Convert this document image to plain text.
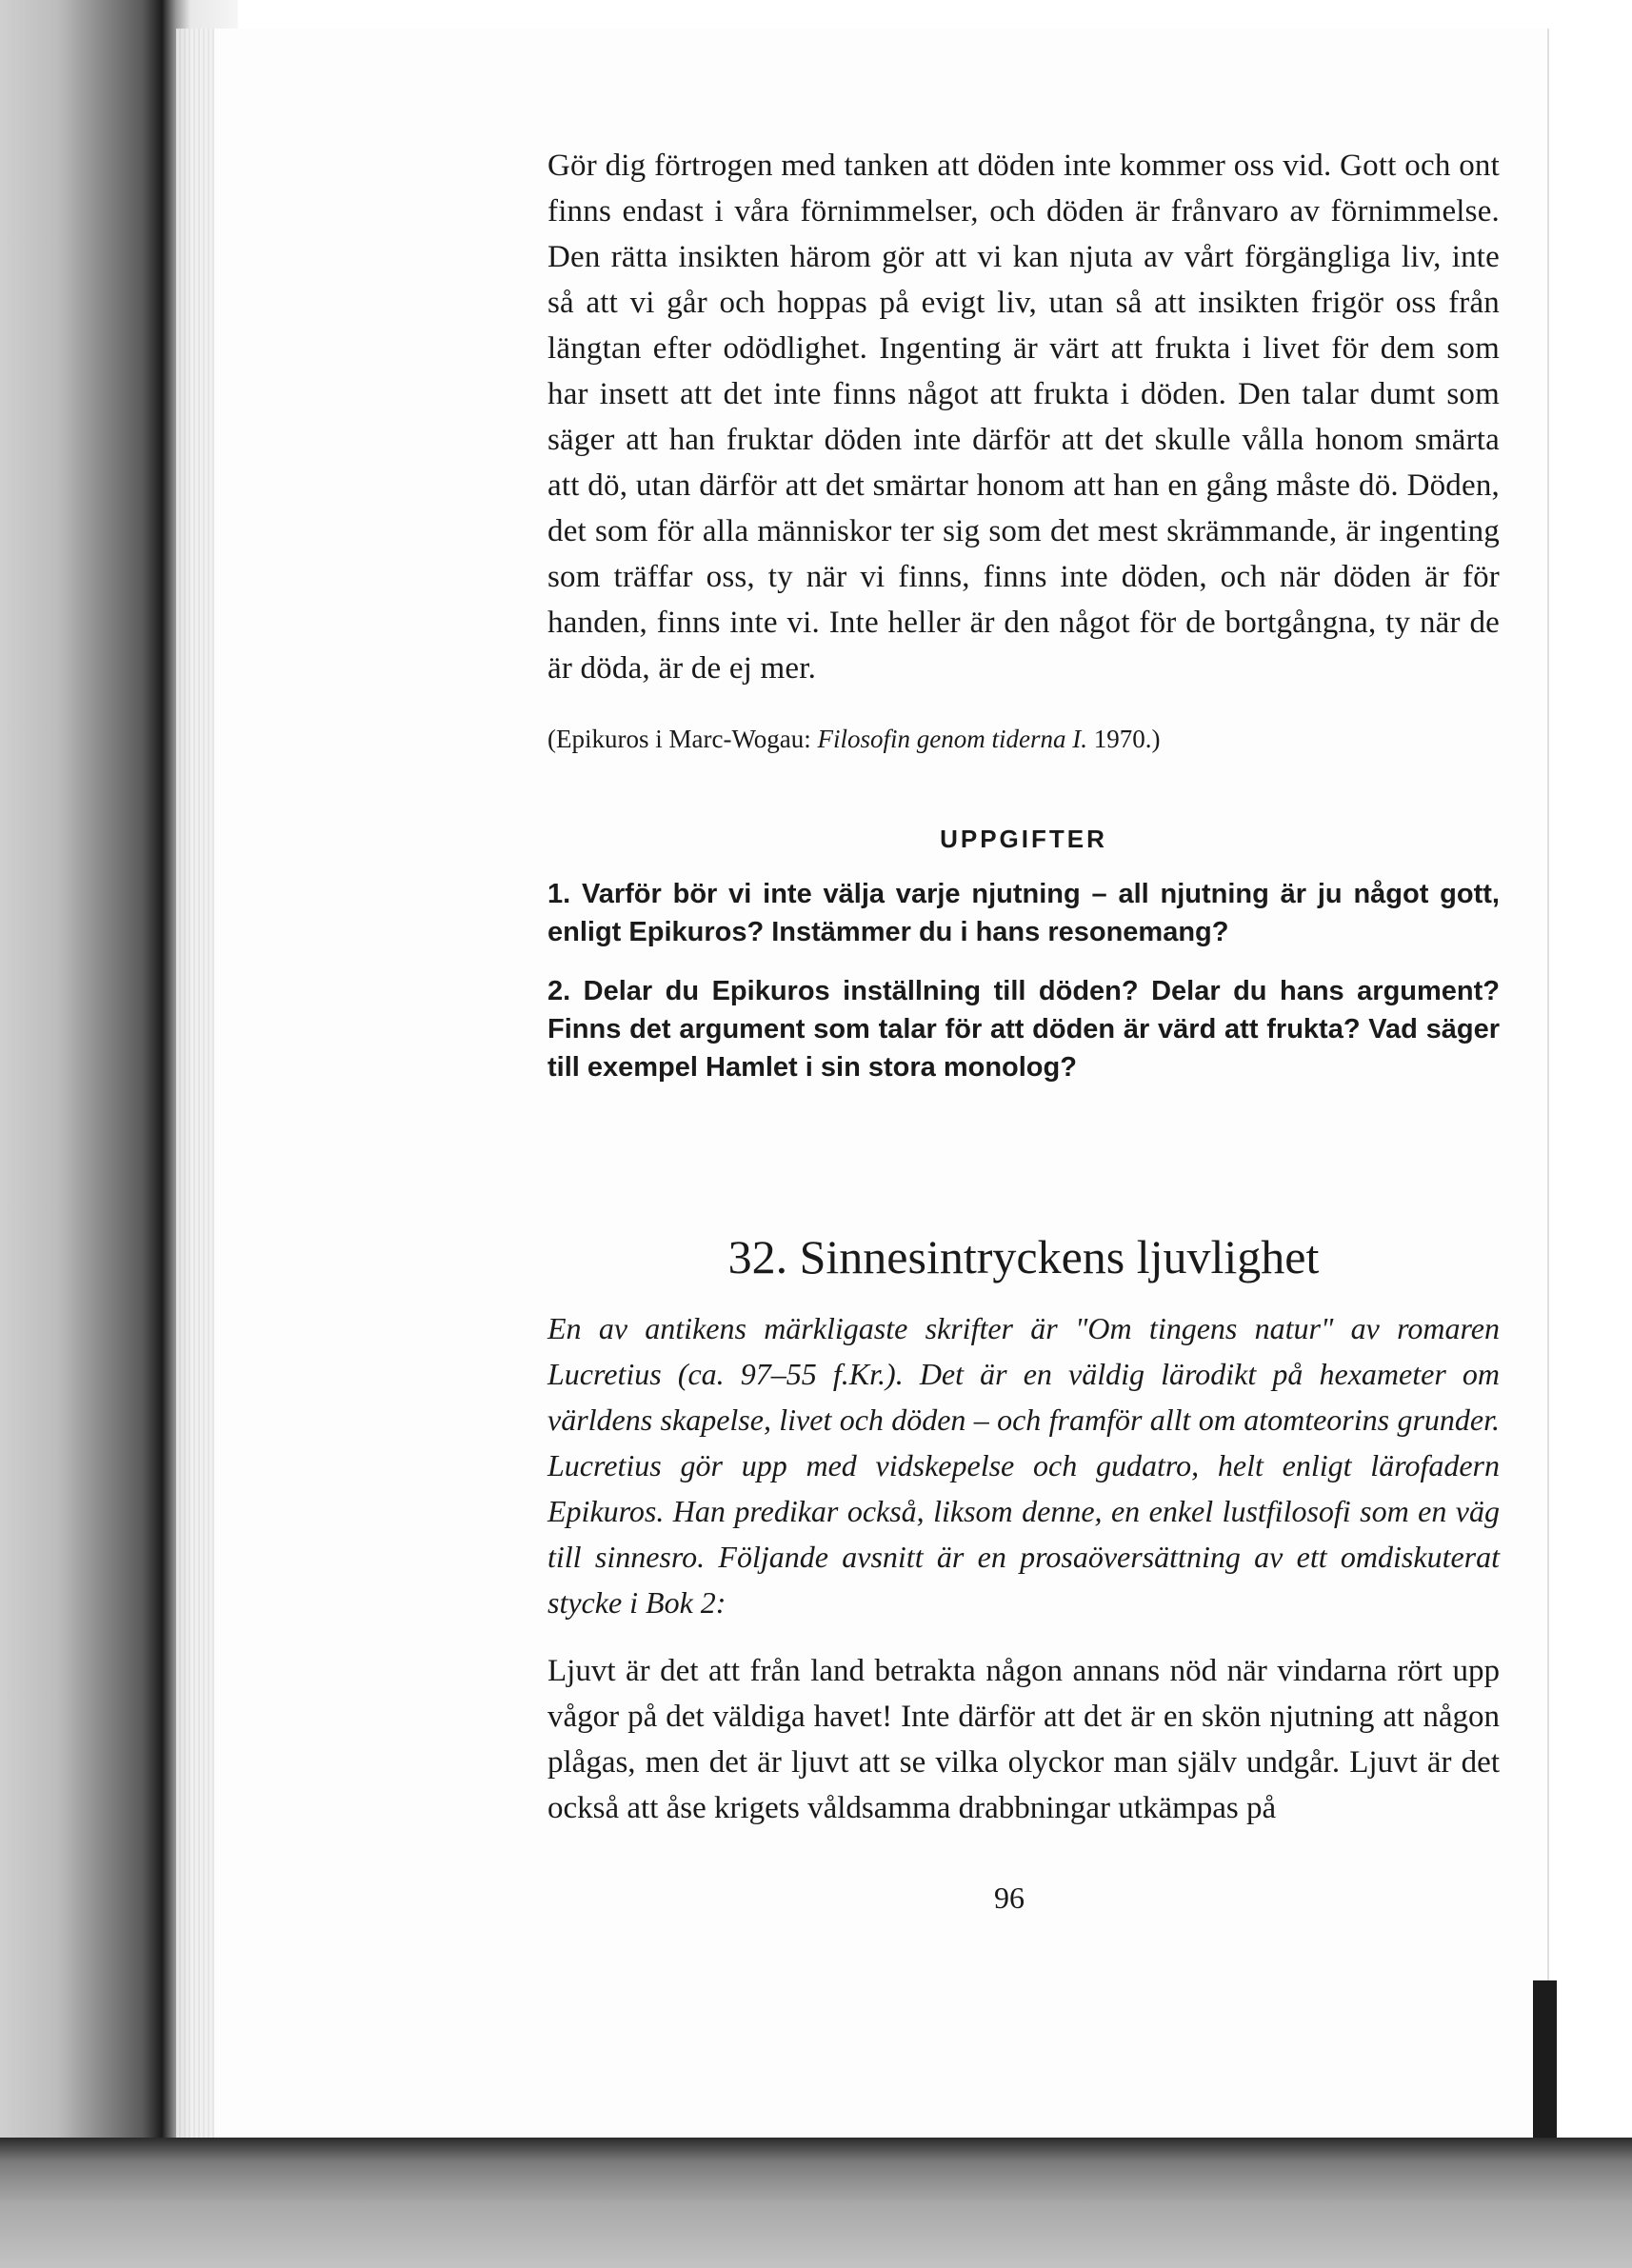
Gör dig förtrogen med tanken att döden inte kommer oss vid. Gott och ont finns endast i våra förnimmelser, och döden är frånvaro av förnimmelse. Den rätta insikten härom gör att vi kan njuta av vårt förgängliga liv, inte så att vi går och hoppas på evigt liv, utan så att insikten frigör oss från längtan efter odödlighet. Ingenting är värt att frukta i livet för dem som har insett att det inte finns något att frukta i döden. Den talar dumt som säger att han fruktar döden inte därför att det skulle vålla honom smärta att dö, utan därför att det smärtar honom att han en gång måste dö. Döden, det som för alla människor ter sig som det mest skrämmande, är ingenting som träffar oss, ty när vi finns, finns inte döden, och när döden är för handen, finns inte vi. Inte heller är den något för de bortgångna, ty när de är döda, är de ej mer.

(Epikuros i Marc-Wogau: Filosofin genom tiderna I. 1970.)
UPPGIFTER
1. Varför bör vi inte välja varje njutning – all njutning är ju något gott, enligt Epikuros? Instämmer du i hans resonemang?
2. Delar du Epikuros inställning till döden? Delar du hans argument? Finns det argument som talar för att döden är värd att frukta? Vad säger till exempel Hamlet i sin stora monolog?
32. Sinnesintryckens ljuvlighet
En av antikens märkligaste skrifter är "Om tingens natur" av romaren Lucretius (ca. 97–55 f.Kr.). Det är en väldig lärodikt på hexameter om världens skapelse, livet och döden – och framför allt om atomteorins grunder. Lucretius gör upp med vidskepelse och gudatro, helt enligt lärofadern Epikuros. Han predikar också, liksom denne, en enkel lustfilosofi som en väg till sinnesro. Följande avsnitt är en prosaöversättning av ett omdiskuterat stycke i Bok 2:
Ljuvt är det att från land betrakta någon annans nöd när vindarna rört upp vågor på det väldiga havet! Inte därför att det är en skön njutning att någon plågas, men det är ljuvt att se vilka olyckor man själv undgår. Ljuvt är det också att åse krigets våldsamma drabbningar utkämpas på
96
